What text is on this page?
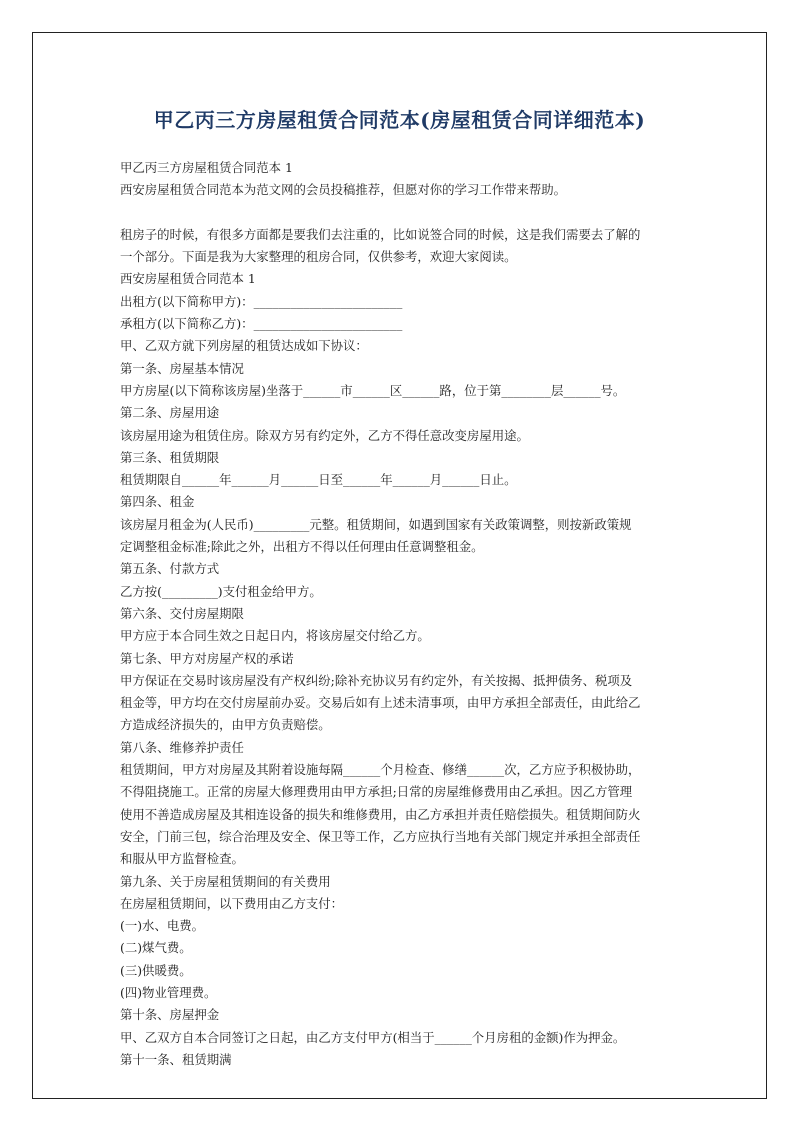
甲乙丙三方房屋租赁合同范本(房屋租赁合同详细范本)
甲乙丙三方房屋租赁合同范本 1
西安房屋租赁合同范本为范文网的会员投稿推荐，但愿对你的学习工作带来帮助。
租房子的时候，有很多方面都是要我们去注重的，比如说签合同的时候，这是我们需要去了解的
一个部分。下面是我为大家整理的租房合同，仅供参考，欢迎大家阅读。
西安房屋租赁合同范本 1
出租方(以下简称甲方)：________________________
承租方(以下简称乙方)：________________________
甲、乙双方就下列房屋的租赁达成如下协议：
第一条、房屋基本情况
甲方房屋(以下简称该房屋)坐落于______市______区______路，位于第________层______号。
第二条、房屋用途
该房屋用途为租赁住房。除双方另有约定外，乙方不得任意改变房屋用途。
第三条、租赁期限
租赁期限自______年______月______日至______年______月______日止。
第四条、租金
该房屋月租金为(人民币)_________元整。租赁期间，如遇到国家有关政策调整，则按新政策规
定调整租金标准;除此之外，出租方不得以任何理由任意调整租金。
第五条、付款方式
乙方按(_________)支付租金给甲方。
第六条、交付房屋期限
甲方应于本合同生效之日起日内，将该房屋交付给乙方。
第七条、甲方对房屋产权的承诺
甲方保证在交易时该房屋没有产权纠纷;除补充协议另有约定外，有关按揭、抵押债务、税项及
租金等，甲方均在交付房屋前办妥。交易后如有上述未清事项，由甲方承担全部责任，由此给乙
方造成经济损失的，由甲方负责赔偿。
第八条、维修养护责任
租赁期间，甲方对房屋及其附着设施每隔______个月检查、修缮______次，乙方应予积极协助，
不得阻挠施工。正常的房屋大修理费用由甲方承担;日常的房屋维修费用由乙承担。因乙方管理
使用不善造成房屋及其相连设备的损失和维修费用，由乙方承担并责任赔偿损失。租赁期间防火
安全，门前三包，综合治理及安全、保卫等工作，乙方应执行当地有关部门规定并承担全部责任
和服从甲方监督检查。
第九条、关于房屋租赁期间的有关费用
在房屋租赁期间，以下费用由乙方支付：
(一)水、电费。
(二)煤气费。
(三)供暖费。
(四)物业管理费。
第十条、房屋押金
甲、乙双方自本合同签订之日起，由乙方支付甲方(相当于______个月房租的金额)作为押金。
第十一条、租赁期满
